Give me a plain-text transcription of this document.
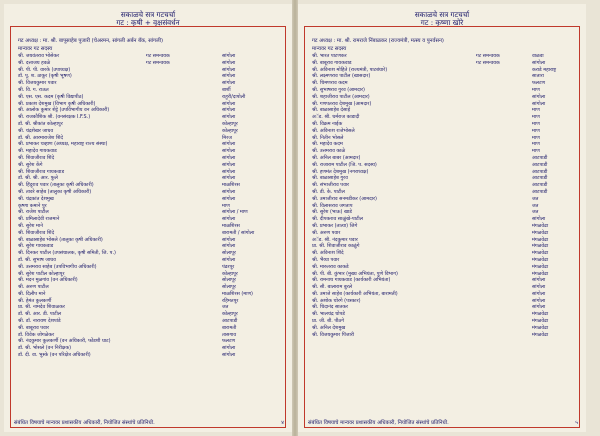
सकाळचे सत्र गटचर्चा
गट : कृषी + वृक्षसंवर्धन
गट अध्यक्ष : मा. श्री. बापूसाहेब पुजारी (चेअरमन, सांगली अर्बन बँक, सांगली)
मान्यवर गट सदस्य
श्री. जयवंतराव भोसेकर	गट समन्वयक	सांगोला
श्री. दत्ताजय हवळे	गट समन्वयक	सांगोला
श्री. पी. पी. वारके (उपाध्यक्ष)	सांगोला
डॉ. पू. श. ठाकूर (कृषी भूषण)	सांगोला
श्री. विजयकुमार पवार	सांगोला
श्री. वि. ग. राऊत	बार्शी
श्री. एस. एस. कदम (कृषी विद्यापीठ)	राहुरी/दापोली
श्री. प्रकाश देशमुख (विभाग कृषी अधिकारी)	सांगोला
श्री. आलोक कुमार शेट्टे (उपविभागीय वन अधिकारी)	सांगोला
श्री. राजकौशिक श्री. (वनसंरक्षक I.F.S.)	सांगोला
डॉ. श्री. श्रीकांत कोल्हापुर	कोल्हापूर
श्री. चंद्रशेखर जाधव	कोल्हापूर
डॉ. श्री. आरमाराजेश शिंदे	मिरज
श्री. प्रभाकर चव्हाण (अध्यक्ष, महाराष्ट्र राज्य संस्था)	सांगोला
श्री. महादेव गायकवाड	सांगोला
श्री. शिवाजीराव शिंदे	सांगोला
श्री. सुरेश केंगे	सांगोला
श्री. शिवाजीराव गायकवाड	सांगोला
डॉ. श्री. श्री. आर. फुले	सांगोला
श्री. हिंदुराव पवार (तालुका कृषी अधिकारी)	माळशिरस
श्री. तावरे साहेब (तालुका कृषी अधिकारी)	सांगोला
श्री. चंद्रकांत देशमुख	सांगोला
कृष्णा कमाने पुर	माण
श्री. राजेश पाटील	सांगोला / माण
श्री. प्रमिलादेवी राजमाने	सांगोला
श्री. सुरेश माने	माळशिरस
श्री. शिवाजीराव शिंदे	बारामती / सांगोला
श्री. बाळासाहेब भोसले (तालुका कृषी अधिकारी)	सांगोला
श्री. सुरेश गायकवाड	सांगोला
श्री. दिनकर पाटील (उपसंचालक, कृषी समिती, जि. प.)	सोलापूर
डॉ. श्री. सुभाष जाधव	सांगोला
श्री. उत्तमराव साहेब (उपविभागीय अधिकारी)	पंढरपूर
श्री. सुरेश पाटील कोल्हापूर	कोल्हापूर
श्री. मदन मुळगांव (वन अधिकारी)	सोलापूर
श्री. अरुण पाटील	सोलापूर
श्री. दिलीप माने	माळशिरस (माण)
श्री. हेमंत कुलकर्णी	रहिमतपूर
प्रा. श्री. नामदेव शिवाळकर	जत
डॉ. श्री. आर. डी. पाटील	कोल्हापूर
श्री. डॉ. नारायण देशपांडे	आटपाडी
श्री. बाबूराव पवार	बारामती
डॉ. विवेक जोगळेकर	तासगाव
श्री. नंदकुमार कुलकर्णी (वन अधिकारी, फोंडशी घाट)	फलटण
डॉ. श्री. भोसले (वन निरीक्षक)	सांगोला
डॉ. दी. वा. भुस्के (वन परिक्षेत्र अधिकारी)	सांगोला
संबंधित विषयाचे मान्यवर प्रशासकीय अधिकारी, नियोजित संस्थांचे प्रतिनिधी.	४
सकाळचे सत्र गटचर्चा
गट : कृष्णा खोरे
गट अध्यक्ष : मा. श्री. रामराजे निंबाळकर (राज्यमंत्री, मत्स्य व पुनर्वसन)
मान्यवर गट सदस्य
श्री. भारत पाटणकर	गट समन्वयक	वाळवा
श्री. बाबूराव गायकवाड	गट समन्वयक	सांगोला
श्री. अविनाश मोहिते (राज्यमंत्री, पाटबंधारे)	कराडे महाराष्ट्र
श्री. लक्ष्मणराव पाटील (खासदार)	सातारा
श्री. चिमणराव कदम	फलटण
श्री. सुभाषराव गुरव (आमदार)	माण
श्री. शहाजीराव पाटील (आमदार)	सांगोला
श्री. गणपतराव देशमुख (आमदार)	सांगोला
श्री. बाळासाहेब देसाई	माण
अॅड. श्री. धर्मराज काडादी	माण
श्री. विक्रम नाईक	माण
श्री. अविनाश राजेभोसले	माण
श्री. नितीन भोसले	माण
श्री. महादेव कदम	माण
श्री. उत्तमराव काळे	माण
श्री. अनिल बाबर (आमदार)	आटपाडी
श्री. राजाराम पाटील (जि. प. सदस्य)	आटपाडी
श्री. हणमंत देशमुख (नगराध्यक्ष)	आटपाडी
श्री. बाळासाहेब गुरव	आटपाडी
श्री. संभाजीराव पवार	आटपाडी
श्री. डी. के. पाटील	आटपाडी
श्री. उमाजीराव सनमडीकर (आमदार)	जत
श्री. विलासराव जगताप	जत
श्री. सुरेश (भाऊ) खाडे	जत
श्री. दीपकराव साळुंखे-पाटील	सांगोला
श्री. प्रभाकर (तात्या) जिगे	मंगळवेढा
श्री. अरुण पवार	मंगळवेढा
अॅड. श्री. नंदकुमार पवार	मंगळवेढा
प्रा. श्री. शिवाजीराव काळुंगे	मंगळवेढा
श्री. अविनाश शिंदे	मंगळवेढा
श्री. भैय्या पवार	मंगळवेढा
श्री. मारुतराव काकडे	मंगळवेढा
श्री. पी. बी. कुंभार (मुख्य अभियंता, पुणे विभाग)	मंगळवेढा
श्री. रामनाथ गायकवाड (कार्यकारी अभियंता)	सांगोला
श्री. सी. बालाराम बुरले	सांगोला
श्री. उमाजे साहेब (कार्यकारी अभियंता, बारामती)	सांगोला
श्री. अशोक चोरगे (पत्रकार)	सांगोला
श्री. चिदानंद सातकर	सांगोला
श्री. भालचंद्र चोपडे	मंगळवेढा
प्रा. जी. बी. पीठगे	मंगळवेढा
श्री. अनिल देशमुख	मंगळवेढा
श्री. विजयकुमार पिंजारी	मंगळवेढा
संबंधित विषयाचे मान्यवर प्रशासकीय अधिकारी, नियोजित संस्थांचे प्रतिनिधी.	५
